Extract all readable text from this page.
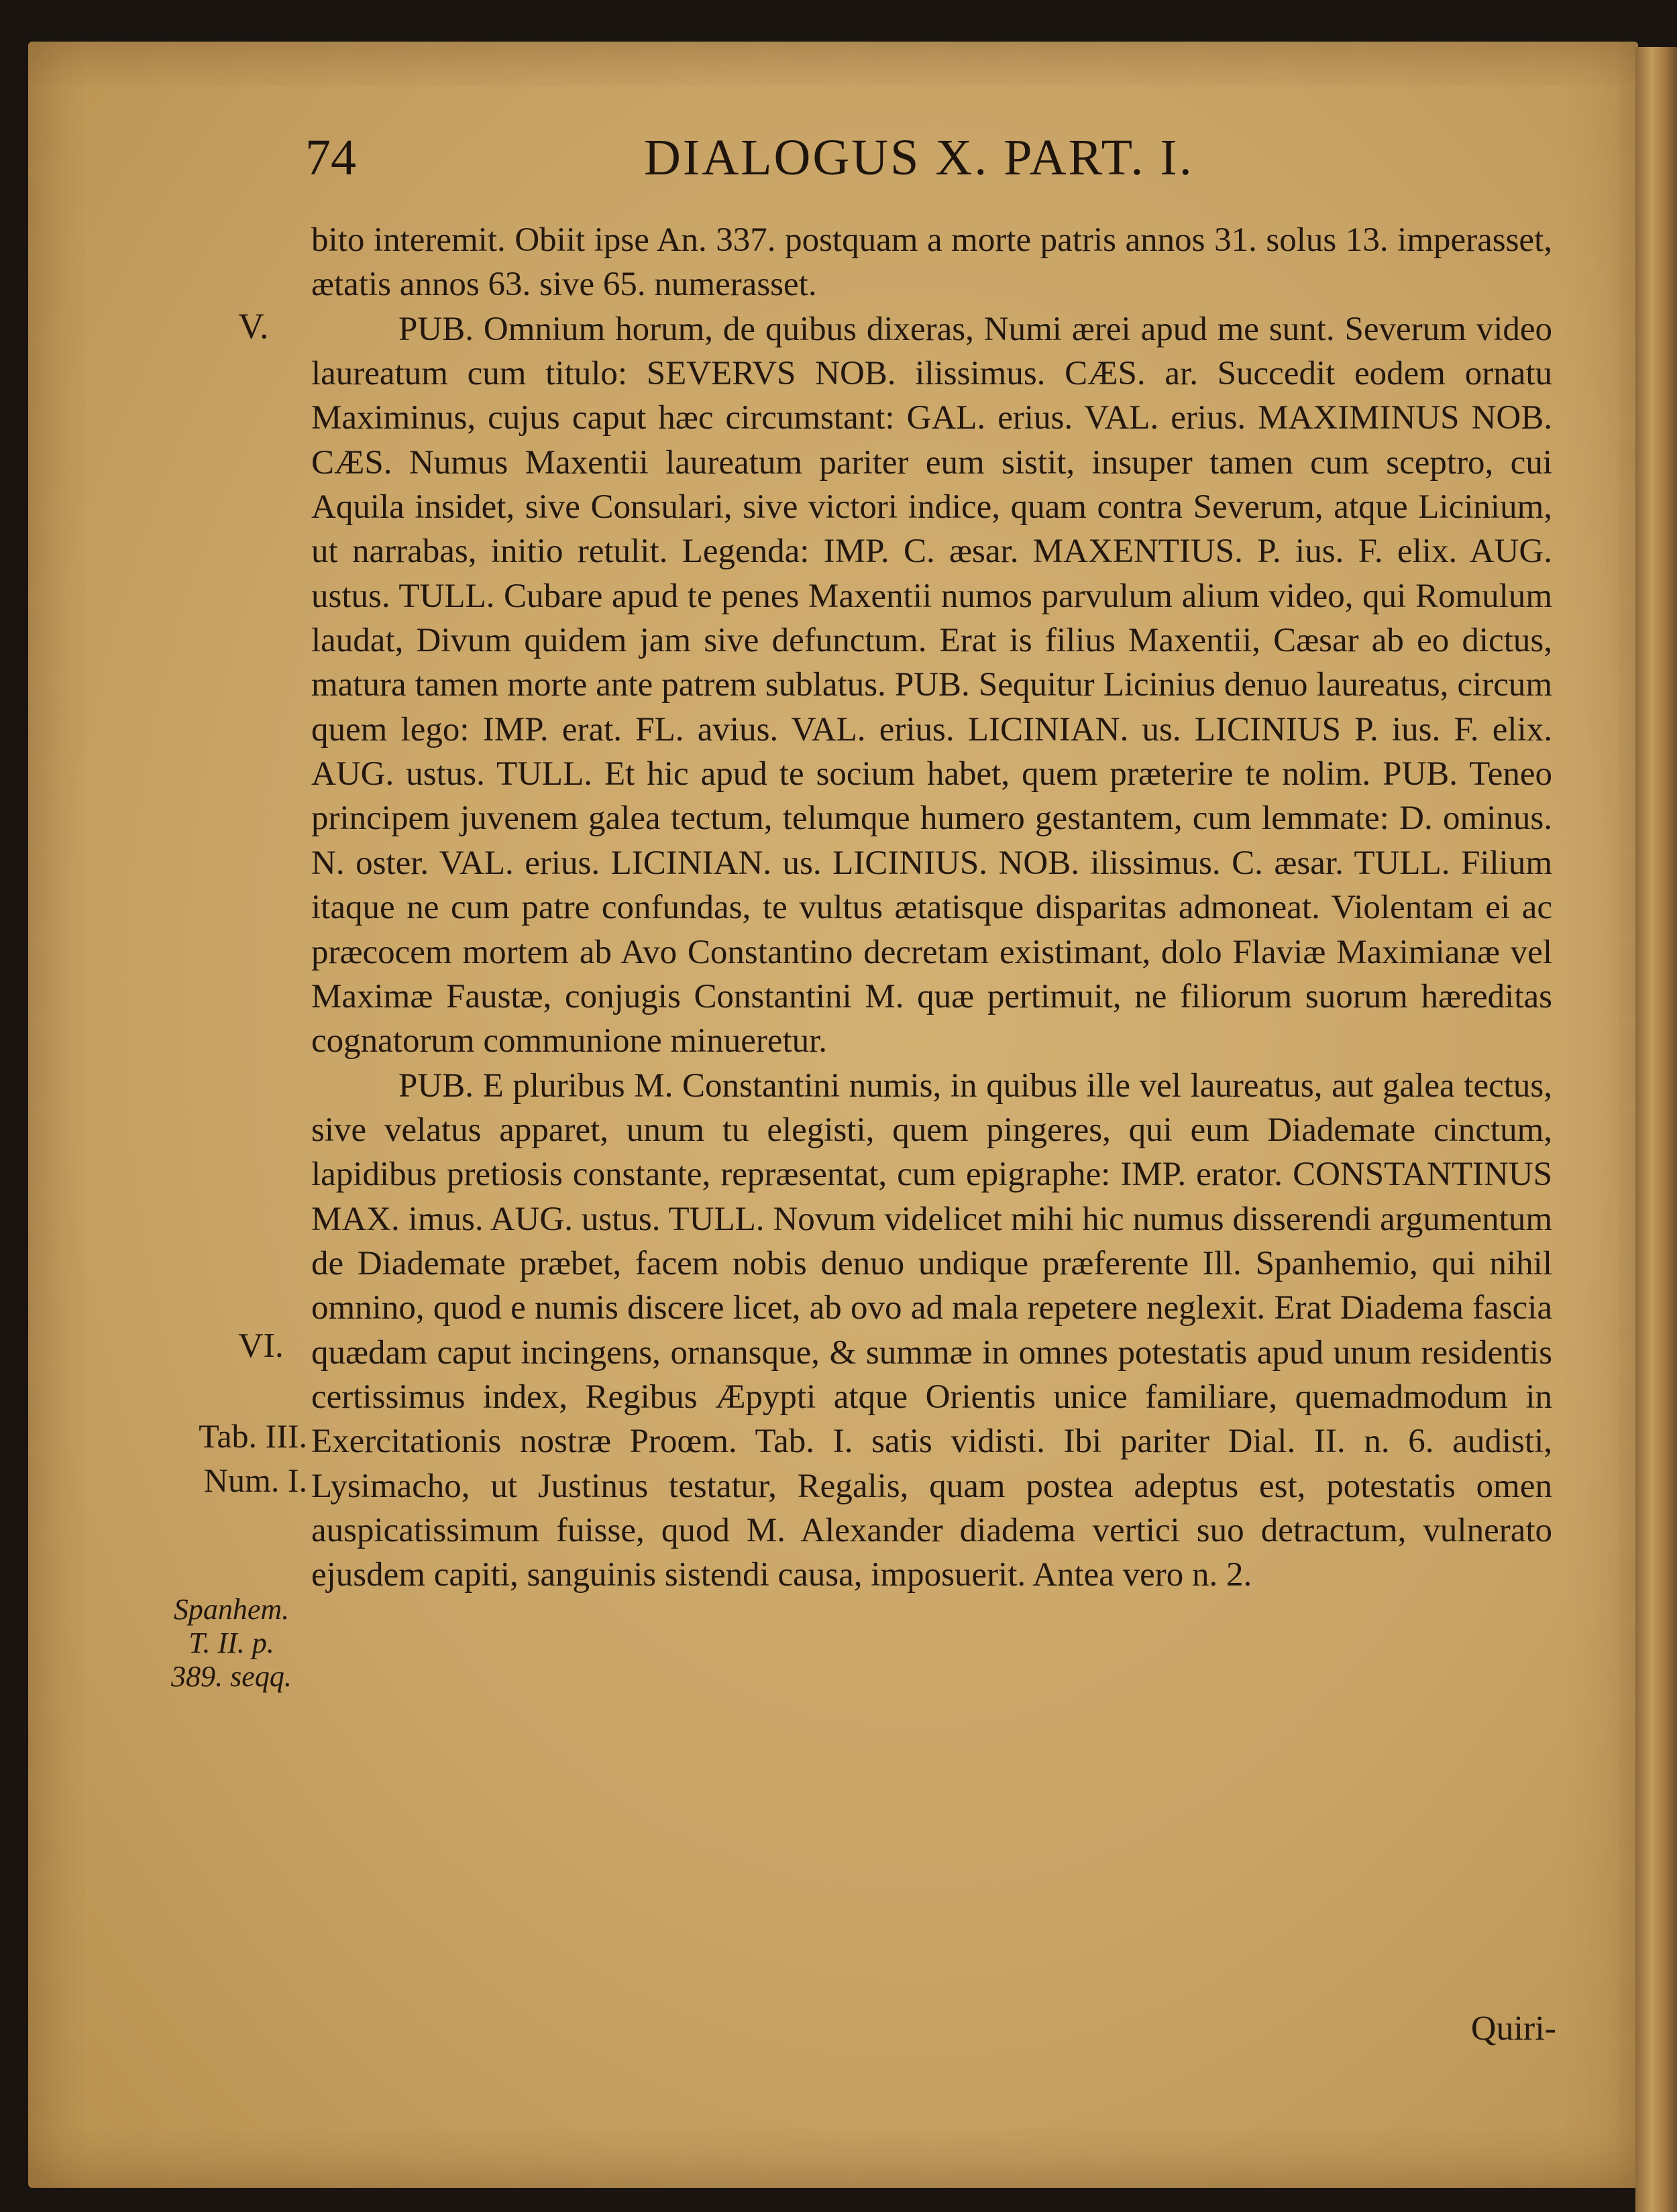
74	DIALOGUS X. PART. I.
V.
VI.
Tab. III.
Num. I.
Spanhem.
T. II. p.
389. seqq.

bito interemit. Obiit ipse An. 337. postquam a morte patris annos 31. solus 13. imperasset, ætatis annos 63. sive 65. numerasset.

PUB. Omnium horum, de quibus dixeras, Numi ærei apud me sunt. Severum video laureatum cum titulo: SEVERVS NOB. ilissimus. CÆS. ar. Succedit eodem ornatu Maximinus, cujus caput hæc circumstant: GAL. erius. VAL. erius. MAXIMINUS NOB. CÆS. Numus Maxentii laureatum pariter eum sistit, insuper tamen cum sceptro, cui Aquila insidet, sive Consulari, sive victori indice, quam contra Severum, atque Licinium, ut narrabas, initio retulit. Legenda: IMP. C. æsar. MAXENTIUS. P. ius. F. elix. AUG. ustus. TULL. Cubare apud te penes Maxentii numos parvulum alium video, qui Romulum laudat, Divum quidem jam sive defunctum. Erat is filius Maxentii, Cæsar ab eo dictus, matura tamen morte ante patrem sublatus. PUB. Sequitur Licinius denuo laureatus, circum quem lego: IMP. erat. FL. avius. VAL. erius. LICINIAN. us. LICINIUS P. ius. F. elix. AUG. ustus. TULL. Et hic apud te socium habet, quem præterire te nolim. PUB. Teneo principem juvenem galea tectum, telumque humero gestantem, cum lemmate: D. ominus. N. oster. VAL. erius. LICINIAN. us. LICINIUS. NOB. ilissimus. C. æsar. TULL. Filium itaque ne cum patre confundas, te vultus ætatisque disparitas admoneat. Violentam ei ac præcocem mortem ab Avo Constantino decretam existimant, dolo Flaviæ Maximianæ vel Maximæ Faustæ, conjugis Constantini M. quæ pertimuit, ne filiorum suorum hæreditas cognatorum communione minueretur.

PUB. E pluribus M. Constantini numis, in quibus ille vel laureatus, aut galea tectus, sive velatus apparet, unum tu elegisti, quem pingeres, qui eum Diademate cinctum, lapidibus pretiosis constante, repræsentat, cum epigraphe: IMP. erator. CONSTANTINUS MAX. imus. AUG. ustus. TULL. Novum videlicet mihi hic numus disserendi argumentum de Diademate præbet, facem nobis denuo undique præferente Ill. Spanhemio, qui nihil omnino, quod e numis discere licet, ab ovo ad mala repetere neglexit. Erat Diadema fascia quædam caput incingens, ornansque, & summæ in omnes potestatis apud unum residentis certissimus index, Regibus Æpypti atque Orientis unice familiare, quemadmodum in Exercitationis nostræ Proœm. Tab. I. satis vidisti. Ibi pariter Dial. II. n. 6. audisti, Lysimacho, ut Justinus testatur, Regalis, quam postea adeptus est, potestatis omen auspicatissimum fuisse, quod M. Alexander diadema vertici suo detractum, vulnerato ejusdem capiti, sanguinis sistendi causa, imposuerit. Antea vero n. 2.

Quiri-
